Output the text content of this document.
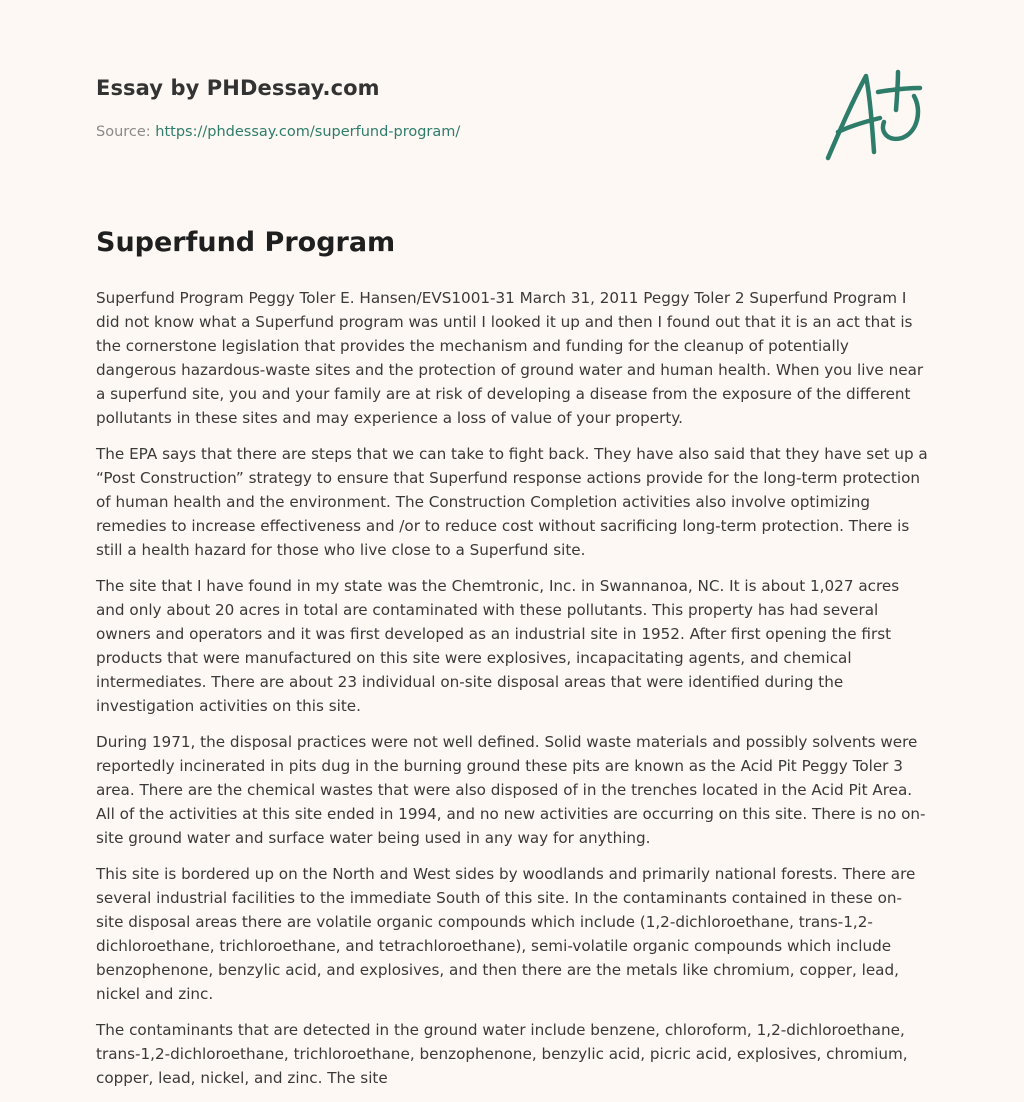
Essay by PHDessay.com
Source: https://phdessay.com/superfund-program/
Superfund Program

Superfund Program Peggy Toler E. Hansen/EVS1001-31 March 31, 2011 Peggy Toler 2 Superfund Program I did not know what a Superfund program was until I looked it up and then I found out that it is an act that is the cornerstone legislation that provides the mechanism and funding for the cleanup of potentially dangerous hazardous-waste sites and the protection of ground water and human health. When you live near a superfund site, you and your family are at risk of developing a disease from the exposure of the different pollutants in these sites and may experience a loss of value of your property.

The EPA says that there are steps that we can take to fight back. They have also said that they have set up a “Post Construction” strategy to ensure that Superfund response actions provide for the long-term protection of human health and the environment. The Construction Completion activities also involve optimizing remedies to increase effectiveness and /or to reduce cost without sacrificing long-term protection. There is still a health hazard for those who live close to a Superfund site.

The site that I have found in my state was the Chemtronic, Inc. in Swannanoa, NC. It is about 1,027 acres and only about 20 acres in total are contaminated with these pollutants. This property has had several owners and operators and it was first developed as an industrial site in 1952. After first opening the first products that were manufactured on this site were explosives, incapacitating agents, and chemical intermediates. There are about 23 individual on-site disposal areas that were identified during the investigation activities on this site.

During 1971, the disposal practices were not well defined. Solid waste materials and possibly solvents were reportedly incinerated in pits dug in the burning ground these pits are known as the Acid Pit Peggy Toler 3 area. There are the chemical wastes that were also disposed of in the trenches located in the Acid Pit Area. All of the activities at this site ended in 1994, and no new activities are occurring on this site. There is no on-site ground water and surface water being used in any way for anything.

This site is bordered up on the North and West sides by woodlands and primarily national forests. There are several industrial facilities to the immediate South of this site. In the contaminants contained in these on-site disposal areas there are volatile organic compounds which include (1,2-dichloroethane, trans-1,2-dichloroethane, trichloroethane, and tetrachloroethane), semi-volatile organic compounds which include benzophenone, benzylic acid, and explosives, and then there are the metals like chromium, copper, lead, nickel and zinc.

The contaminants that are detected in the ground water include benzene, chloroform, 1,2-dichloroethane, trans-1,2-dichloroethane, trichloroethane, benzophenone, benzylic acid, picric acid, explosives, chromium, copper, lead, nickel, and zinc. The site
